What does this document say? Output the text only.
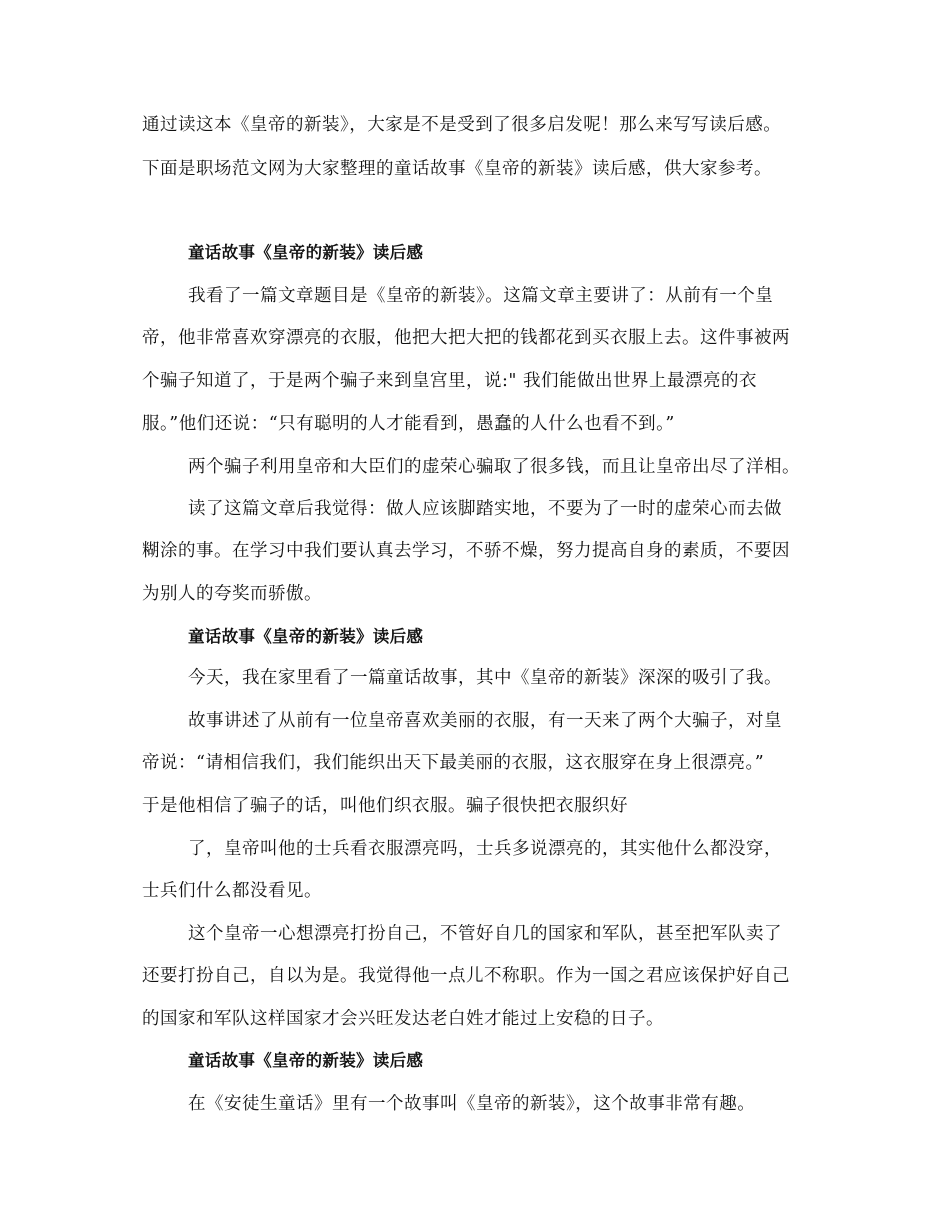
通过读这本《皇帝的新装》，大家是不是受到了很多启发呢！那么来写写读后感。
下面是职场范文网为大家整理的童话故事《皇帝的新装》读后感，供大家参考。
童话故事《皇帝的新装》读后感
我看了一篇文章题目是《皇帝的新装》。这篇文章主要讲了：从前有一个皇
帝，他非常喜欢穿漂亮的衣服，他把大把大把的钱都花到买衣服上去。这件事被两
个骗子知道了，于是两个骗子来到皇宫里，说:" 我们能做出世界上最漂亮的衣
服。”他们还说：“只有聪明的人才能看到，愚蠢的人什么也看不到。”
两个骗子利用皇帝和大臣们的虚荣心骗取了很多钱，而且让皇帝出尽了洋相。
读了这篇文章后我觉得：做人应该脚踏实地，不要为了一时的虚荣心而去做
糊涂的事。在学习中我们要认真去学习，不骄不燥，努力提高自身的素质，不要因
为别人的夸奖而骄傲。
童话故事《皇帝的新装》读后感
今天，我在家里看了一篇童话故事，其中《皇帝的新装》深深的吸引了我。
故事讲述了从前有一位皇帝喜欢美丽的衣服，有一天来了两个大骗子，对皇
帝说：“请相信我们，我们能织出天下最美丽的衣服，这衣服穿在身上很漂亮。”
于是他相信了骗子的话，叫他们织衣服。骗子很快把衣服织好
了，皇帝叫他的士兵看衣服漂亮吗，士兵多说漂亮的，其实他什么都没穿，
士兵们什么都没看见。
这个皇帝一心想漂亮打扮自己，不管好自几的国家和军队，甚至把军队卖了
还要打扮自己，自以为是。我觉得他一点儿不称职。作为一国之君应该保护好自己
的国家和军队这样国家才会兴旺发达老白姓才能过上安稳的日子。
童话故事《皇帝的新装》读后感
在《安徒生童话》里有一个故事叫《皇帝的新装》，这个故事非常有趣。
